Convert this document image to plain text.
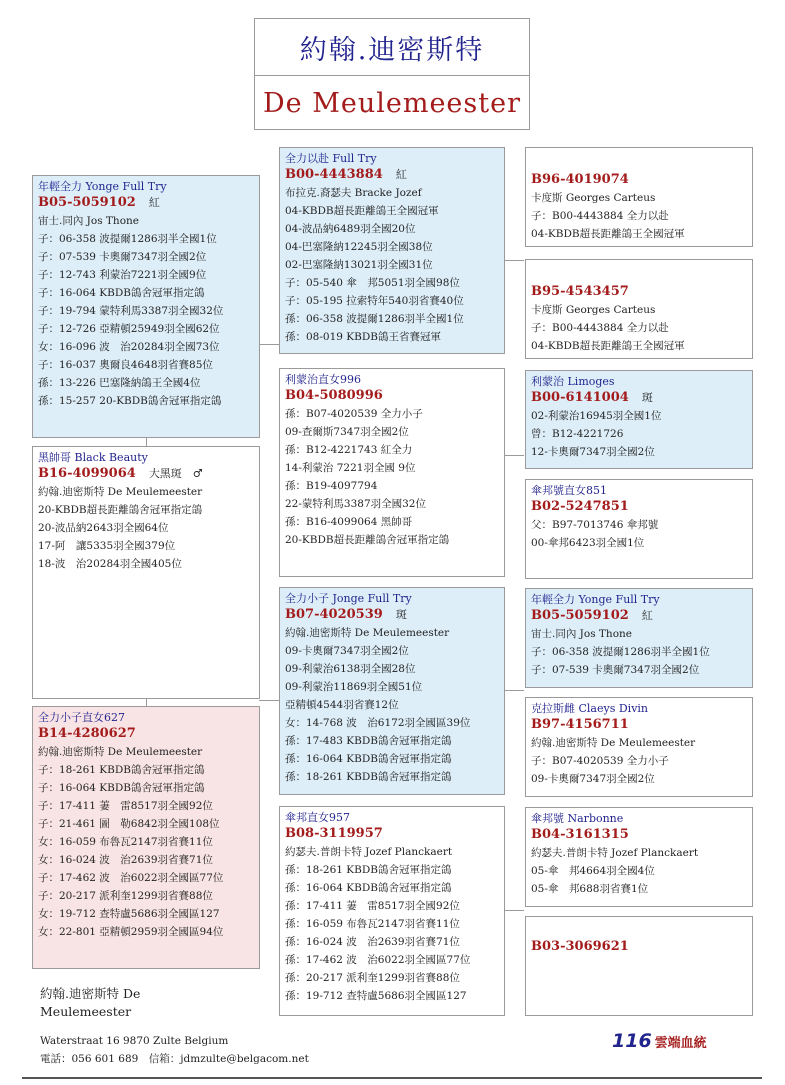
約翰.迪密斯特
De Meulemeester
年輕全力 Yonge Full Try
B05-5059102　 紅
宙士.同內 Jos Thone
子：06-358 波提爾1286羽半全國1位
子：07-539 卡奧爾7347羽全國2位
子：12-743 利蒙治7221羽全國9位
子：16-064 KBDB鴿舍冠軍指定鴿
子：19-794 蒙特利馬3387羽全國32位
子：12-726 亞精頓25949羽全國62位
女：16-096 波　治20284羽全國73位
子：16-037 奧爾良4648羽省賽85位
孫：13-226 巴塞隆納鴿王全國4位
孫：15-257 20-KBDB鴿舍冠軍指定鴿
黑帥哥 Black Beauty
B16-4099064　 大黑斑　♂
約翰.迪密斯特 De Meulemeester
20-KBDB超長距離鴿舍冠軍指定鴿
20-波品納2643羽全國64位
17-阿　讓5335羽全國379位
18-波　治20284羽全國405位
全力小子直女627
B14-4280627
約翰.迪密斯特 De Meulemeester
子：18-261 KBDB鴿舍冠軍指定鴿
子：16-064 KBDB鴿舍冠軍指定鴿
子：17-411 萋　雷8517羽全國92位
子：21-461 圖　勒6842羽全國108位
女：16-059 布魯瓦2147羽省賽11位
女：16-024 波　治2639羽省賽71位
子：17-462 波　治6022羽全國區77位
子：20-217 派利奎1299羽省賽88位
女：19-712 查特盧5686羽全國區127
女：22-801 亞精頓2959羽全國區94位
全力以赴 Full Try
B00-4443884　 紅
布拉克.裔瑟夫 Bracke Jozef
04-KBDB超長距離鴿王全國冠軍
04-波品納6489羽全國20位
04-巴塞隆納12245羽全國38位
02-巴塞隆納13021羽全國31位
子：05-540 傘　邦5051羽全國98位
子：05-195 拉索特年540羽省賽40位
孫：06-358 波提爾1286羽半全國1位
孫：08-019 KBDB鴿王省賽冠軍
利蒙治直女996
B04-5080996
孫：B07-4020539 全力小子
09-查爾斯7347羽全國2位
孫：B12-4221743 紅全力
14-利蒙治 7221羽全國 9位
孫：B19-4097794
22-蒙特利馬3387羽全國32位
孫：B16-4099064 黑帥哥
20-KBDB超長距離鴿舍冠軍指定鴿
全力小子 Jonge Full Try
B07-4020539　 斑
約翰.迪密斯特 De Meulemeester
09-卡奧爾7347羽全國2位
09-利蒙治6138羽全國28位
09-利蒙治11869羽全國51位
亞精頓4544羽省賽12位
女：14-768 波　治6172羽全國區39位
孫：17-483 KBDB鴿舍冠軍指定鴿
孫：16-064 KBDB鴿舍冠軍指定鴿
孫：18-261 KBDB鴿舍冠軍指定鴿
傘邦直女957
B08-3119957
約瑟夫.普朗卡特 Jozef Planckaert
孫：18-261 KBDB鴿舍冠軍指定鴿
孫：16-064 KBDB鴿舍冠軍指定鴿
孫：17-411 萋　雷8517羽全國92位
孫：16-059 布魯瓦2147羽省賽11位
孫：16-024 波　治2639羽省賽71位
孫：17-462 波　治6022羽全國區77位
孫：20-217 派利奎1299羽省賽88位
孫：19-712 查特盧5686羽全國區127
B96-4019074
卡度斯 Georges Carteus
子：B00-4443884 全力以赴
04-KBDB超長距離鴿王全國冠軍
B95-4543457
卡度斯 Georges Carteus
子：B00-4443884 全力以赴
04-KBDB超長距離鴿王全國冠軍
利蒙治 Limoges
B00-6141004　 斑
02-利蒙治16945羽全國1位
曾：B12-4221726
12-卡奧爾7347羽全國2位
傘邦號直女851
B02-5247851
父：B97-7013746 傘邦號
00-傘邦6423羽全國1位
年輕全力 Yonge Full Try
B05-5059102　 紅
宙士.同內 Jos Thone
子：06-358 波提爾1286羽半全國1位
子：07-539 卡奧爾7347羽全國2位
克拉斯雌 Claeys Divin
B97-4156711
約翰.迪密斯特 De Meulemeester
子：B07-4020539 全力小子
09-卡奧爾7347羽全國2位
傘邦號 Narbonne
B04-3161315
約瑟夫.普朗卡特 Jozef Planckaert
05-傘　邦4664羽全國4位
05-傘　邦688羽省賽1位
B03-3069621
約翰.迪密斯特 De
Meulemeester
Waterstraat 16 9870 Zulte Belgium
電話：056 601 689　信箱：jdmzulte@belgacom.net
116 雲端血統
